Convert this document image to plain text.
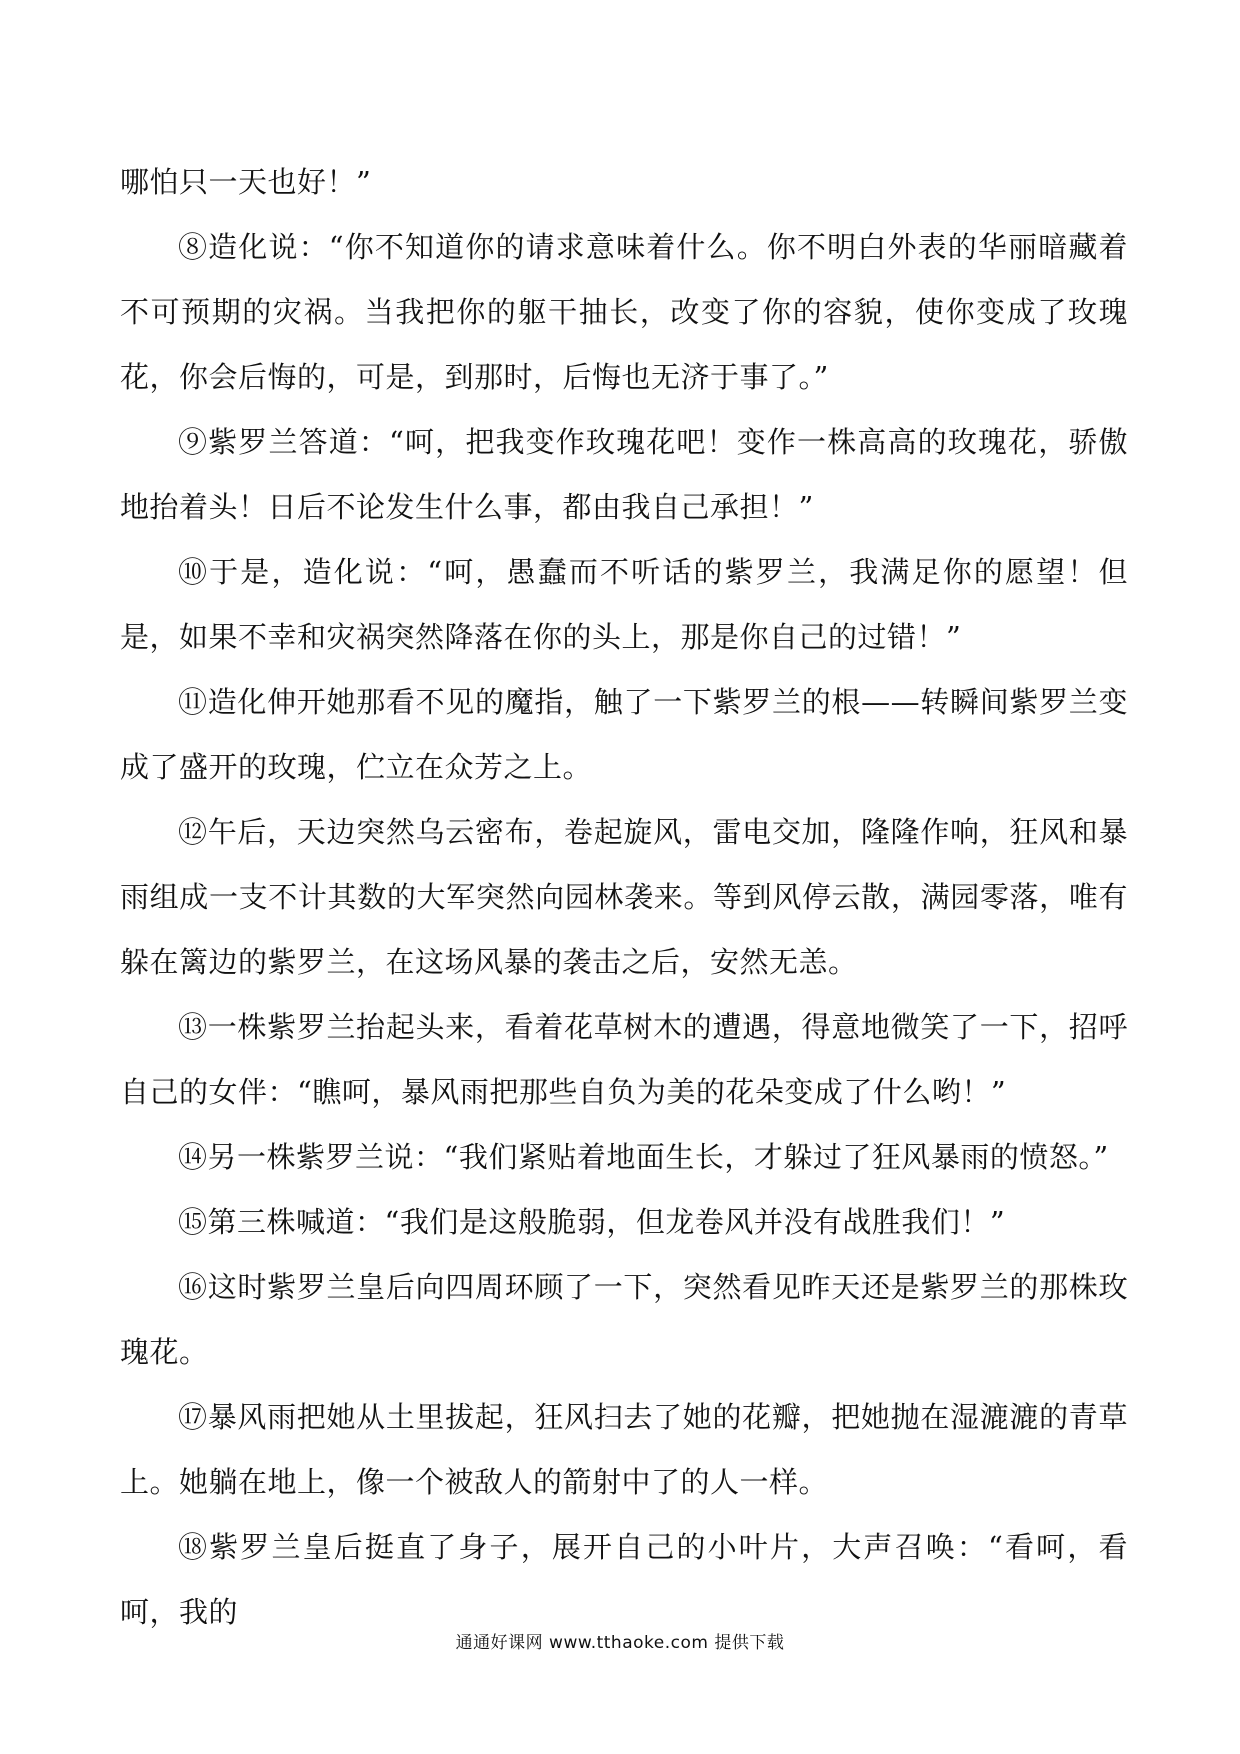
哪怕只一天也好！”

⑧造化说：“你不知道你的请求意味着什么。你不明白外表的华丽暗藏着不可预期的灾祸。当我把你的躯干抽长，改变了你的容貌，使你变成了玫瑰花，你会后悔的，可是，到那时，后悔也无济于事了。”

⑨紫罗兰答道：“呵，把我变作玫瑰花吧！变作一株高高的玫瑰花，骄傲地抬着头！日后不论发生什么事，都由我自己承担！”

⑩于是，造化说：“呵，愚蠢而不听话的紫罗兰，我满足你的愿望！但是，如果不幸和灾祸突然降落在你的头上，那是你自己的过错！”

⑪造化伸开她那看不见的魔指，触了一下紫罗兰的根——转瞬间紫罗兰变成了盛开的玫瑰，伫立在众芳之上。

⑫午后，天边突然乌云密布，卷起旋风，雷电交加，隆隆作响，狂风和暴雨组成一支不计其数的大军突然向园林袭来。等到风停云散，满园零落，唯有躲在篱边的紫罗兰，在这场风暴的袭击之后，安然无恙。

⑬一株紫罗兰抬起头来，看着花草树木的遭遇，得意地微笑了一下，招呼自己的女伴：“瞧呵，暴风雨把那些自负为美的花朵变成了什么哟！”

⑭另一株紫罗兰说：“我们紧贴着地面生长，才躲过了狂风暴雨的愤怒。”

⑮第三株喊道：“我们是这般脆弱，但龙卷风并没有战胜我们！”

⑯这时紫罗兰皇后向四周环顾了一下，突然看见昨天还是紫罗兰的那株玫瑰花。

⑰暴风雨把她从土里拔起，狂风扫去了她的花瓣，把她抛在湿漉漉的青草上。她躺在地上，像一个被敌人的箭射中了的人一样。

⑱紫罗兰皇后挺直了身子，展开自己的小叶片，大声召唤：“看呵，看呵，我的

通通好课网 www.tthaoke.com 提供下载
